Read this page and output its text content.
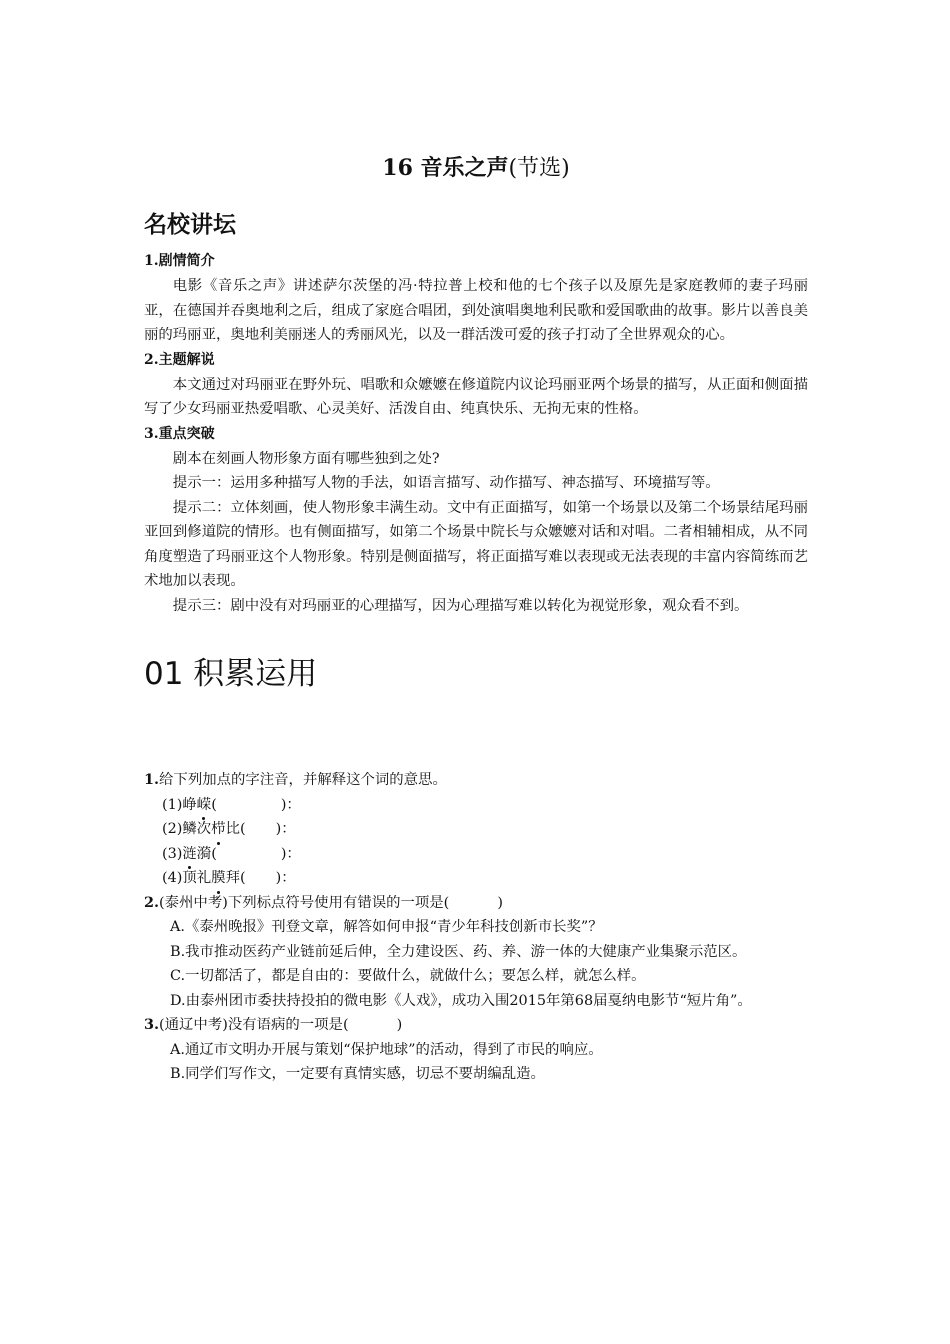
16 音乐之声(节选)
名校讲坛
1.剧情简介

电影《音乐之声》讲述萨尔茨堡的冯·特拉普上校和他的七个孩子以及原先是家庭教师的妻子玛丽亚，在德国并吞奥地利之后，组成了家庭合唱团，到处演唱奥地利民歌和爱国歌曲的故事。影片以善良美丽的玛丽亚，奥地利美丽迷人的秀丽风光，以及一群活泼可爱的孩子打动了全世界观众的心。

2.主题解说

本文通过对玛丽亚在野外玩、唱歌和众嬷嬷在修道院内议论玛丽亚两个场景的描写，从正面和侧面描写了少女玛丽亚热爱唱歌、心灵美好、活泼自由、纯真快乐、无拘无束的性格。

3.重点突破

剧本在刻画人物形象方面有哪些独到之处?

提示一：运用多种描写人物的手法，如语言描写、动作描写、神态描写、环境描写等。

提示二：立体刻画，使人物形象丰满生动。文中有正面描写，如第一个场景以及第二个场景结尾玛丽亚回到修道院的情形。也有侧面描写，如第二个场景中院长与众嬷嬷对话和对唱。二者相辅相成，从不同角度塑造了玛丽亚这个人物形象。特别是侧面描写，将正面描写难以表现或无法表现的丰富内容简练而艺术地加以表现。

提示三：剧中没有对玛丽亚的心理描写，因为心理描写难以转化为视觉形象，观众看不到。

01 积累运用

1.给下列加点的字注音，并解释这个词的意思。

(1)峥嵘(	)：

(2)鳞次栉比( )：

(3)涟漪(	)：

(4)顶礼膜拜( )：

2.(泰州中考)下列标点符号使用有错误的一项是(	)

A.《泰州晚报》刊登文章，解答如何申报“青少年科技创新市长奖”？

B.我市推动医药产业链前延后伸，全力建设医、药、养、游一体的大健康产业集聚示范区。

C.一切都活了，都是自由的：要做什么，就做什么；要怎么样，就怎么样。

D.由泰州团市委扶持投拍的微电影《人戏》，成功入围2015年第68届戛纳电影节“短片角”。

3.(通辽中考)没有语病的一项是(	)

A.通辽市文明办开展与策划“保护地球”的活动，得到了市民的响应。

B.同学们写作文，一定要有真情实感，切忌不要胡编乱造。
